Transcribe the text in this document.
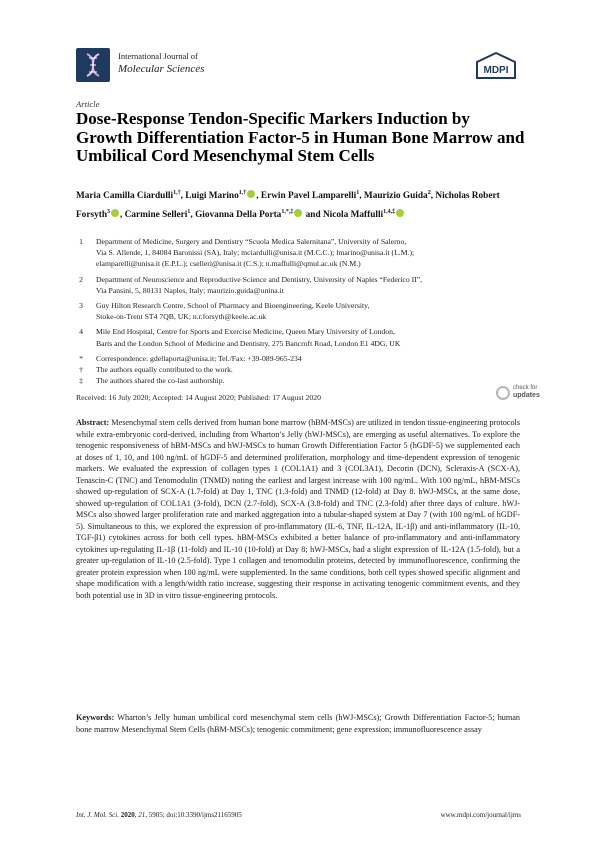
International Journal of
Molecular Sciences	MDPI
Article
Dose-Response Tendon-Specific Markers Induction by Growth Differentiation Factor-5 in Human Bone Marrow and Umbilical Cord Mesenchymal Stem Cells
Maria Camilla Ciardulli$^{1,\dagger}$, Luigi Marino$^{1,\dagger}$ , Erwin Pavel Lamparelli$^1$, Maurizio Guida$^2$, Nicholas Robert Forsyth$^3$ , Carmine Selleri$^1$, Giovanna Della Porta$^{1,*,\ddagger}$ and Nicola Maffulli$^{1,4,\ddagger}$
1	Department of Medicine, Surgery and Dentistry “Scuola Medica Salernitana”, University of Salerno,
Via S. Allende, 1, 84084 Baronissi (SA), Italy; mciardulli@unisa.it (M.C.C.); lmarino@unisa.it (L.M.);
elamparelli@unisa.it (E.P.L.); cselleri@unisa.it (C.S.); n.maffulli@qmul.ac.uk (N.M.)
2	Department of Neuroscience and Reproductive Science and Dentistry, University of Naples “Federico II”,
Via Pansini, 5, 80131 Naples, Italy; maurizio.guida@unina.it
3	Guy Hilton Research Centre, School of Pharmacy and Bioengineering, Keele University,
Stoke-on-Trent ST4 7QB, UK; n.r.forsyth@keele.ac.uk
4	Mile End Hospital, Centre for Sports and Exercise Medicine, Queen Mary University of London,
Barts and the London School of Medicine and Dentistry, 275 Bancroft Road, London E1 4DG, UK
*	Correspondence: gdellaporta@unisa.it; Tel./Fax: +39-089-965-234
†	The authors equally contributed to the work.
‡	The authors shared the co-last authorship.
Received: 16 July 2020; Accepted: 14 August 2020; Published: 17 August 2020
check for
updates
Abstract: Mesenchymal stem cells derived from human bone marrow (hBM-MSCs) are utilized in tendon tissue-engineering protocols while extra-embryonic cord-derived, including from Wharton’s Jelly (hWJ-MSCs), are emerging as useful alternatives. To explore the tenogenic responsiveness of hBM-MSCs and hWJ-MSCs to human Growth Differentiation Factor 5 (hGDF-5) we supplemented each at doses of 1, 10, and 100 ng/mL of hGDF-5 and determined proliferation, morphology and time-dependent expression of tenogenic markers. We evaluated the expression of collagen types 1 (COL1A1) and 3 (COL3A1), Decorin (DCN), Scleraxis-A (SCX-A), Tenascin-C (TNC) and Tenomodulin (TNMD) noting the earliest and largest increase with 100 ng/mL. With 100 ng/mL, hBM-MSCs showed up-regulation of SCX-A (1.7-fold) at Day 1, TNC (1.3-fold) and TNMD (12-fold) at Day 8. hWJ-MSCs, at the same dose, showed up-regulation of COL1A1 (3-fold), DCN (2.7-fold), SCX-A (3.8-fold) and TNC (2.3-fold) after three days of culture. hWJ-MSCs also showed larger proliferation rate and marked aggregation into a tubular-shaped system at Day 7 (with 100 ng/mL of hGDF-5). Simultaneous to this, we explored the expression of pro-inflammatory (IL-6, TNF, IL-12A, IL-1β) and anti-inflammatory (IL-10, TGF-β1) cytokines across for both cell types. hBM-MSCs exhibited a better balance of pro-inflammatory and anti-inflammatory cytokines up-regulating IL-1β (11-fold) and IL-10 (10-fold) at Day 8; hWJ-MSCs, had a slight expression of IL-12A (1.5-fold), but a greater up-regulation of IL-10 (2.5-fold). Type 1 collagen and tenomodulin proteins, detected by immunofluorescence, confirming the greater protein expression when 100 ng/mL were supplemented. In the same conditions, both cell types showed specific alignment and shape modification with a length/width ratio increase, suggesting their response in activating tenogenic commitment events, and they both potential use in 3D in vitro tissue-engineering protocols.
Keywords: Wharton’s Jelly human umbilical cord mesenchymal stem cells (hWJ-MSCs); Growth Differentiation Factor-5; human bone marrow Mesenchymal Stem Cells (hBM-MSCs); tenogenic commitment; gene expression; immunofluorescence assay
Int. J. Mol. Sci. 2020, 21, 5905; doi:10.3390/ijms21165905	www.mdpi.com/journal/ijms
